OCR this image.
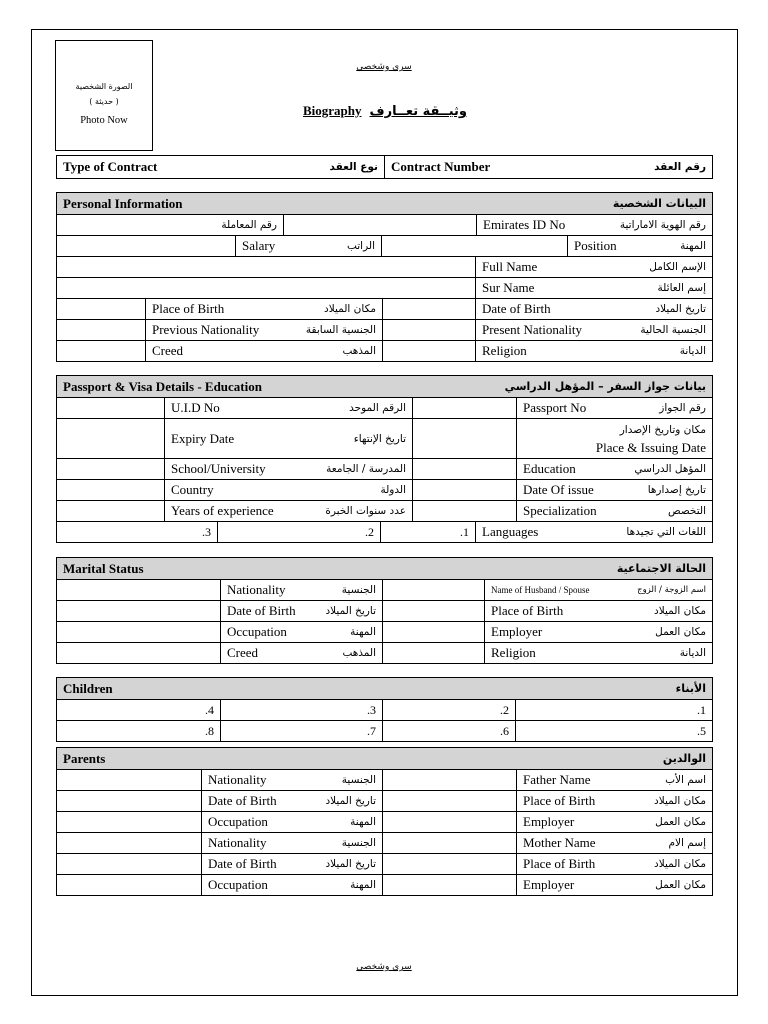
الصورة الشخصية
( حديثة )
Photo Now
سري وشخصي
Biography وثيــقة تعــارف
Type of Contract	نوع العقد Contract Number	رقم العقد
Personal Information	البيانات الشخصية
رقم المعاملة	Emirates ID No	رقم الهوية الاماراتية
Salary	الراتب	Position	المهنة
Full Name	الإسم الكامل
Sur Name	إسم العائلة
Place of Birth	مكان الميلاد	Date of Birth	تاريخ الميلاد
Previous Nationality	الجنسية السابقة	Present Nationality	الجنسية الحالية
Creed	المذهب	Religion	الديانة
Passport & Visa Details - Education	بيانات جواز السفر – المؤهل الدراسي
U.I.D No	الرقم الموحد	Passport No	رقم الجواز
Expiry Date	تاريخ الإنتهاء
مكان وتاريخ الإصدار
Place & Issuing Date
School/University	المدرسة / الجامعة	Education	المؤهل الدراسي
Country	الدولة	Date Of issue	تاريخ إصدارها
Years of experience	عدد سنوات الخبرة	Specialization	التخصص
.3	.2	.1 Languages	اللغات التي تجيدها
Marital Status	الحالة الاجتماعية
Nationality	الجنسية	Name of Husband / Spouse	اسم الزوجة / الزوج
Date of Birth	تاريخ الميلاد	Place of Birth	مكان الميلاد
Occupation	المهنة	Employer	مكان العمل
Creed	المذهب	Religion	الديانة
Children	الأبناء
.4	.3	.2	.1
.8	.7	.6	.5
Parents	الوالدين
Nationality	الجنسية	Father Name	اسم الأب
Date of Birth	تاريخ الميلاد	Place of Birth	مكان الميلاد
Occupation	المهنة	Employer	مكان العمل
Nationality	الجنسية	Mother Name	إسم الام
Date of Birth	تاريخ الميلاد	Place of Birth	مكان الميلاد
Occupation	المهنة	Employer	مكان العمل
سري وشخصي
